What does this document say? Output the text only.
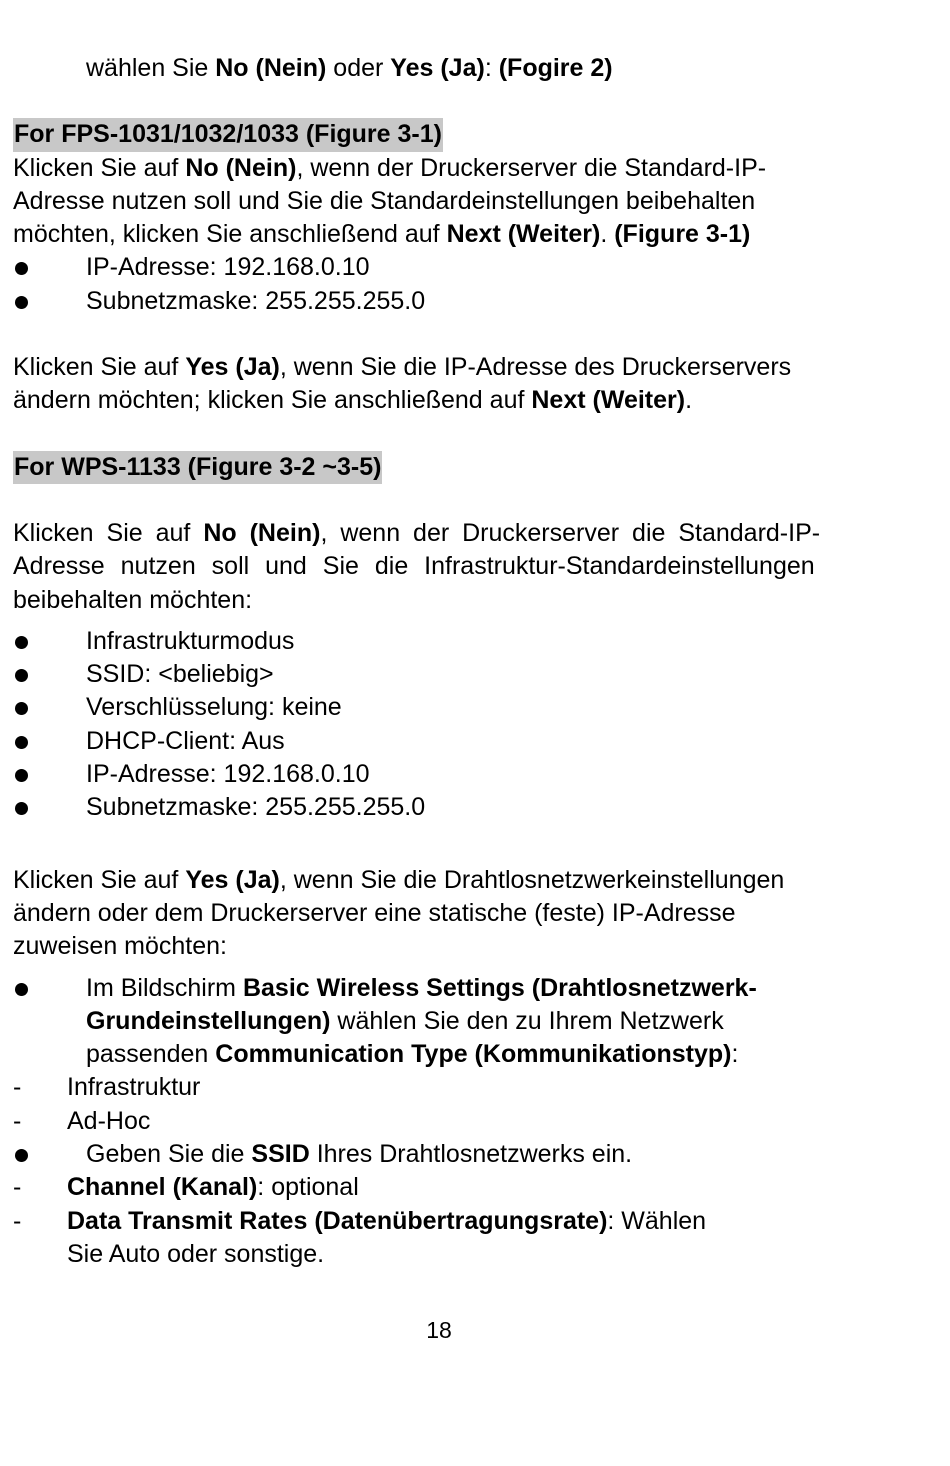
wählen Sie No (Nein) oder Yes (Ja): (Fogire 2)
For FPS-1031/1032/1033 (Figure 3-1)
Klicken Sie auf No (Nein), wenn der Druckerserver die Standard-IP-
Adresse nutzen soll und Sie die Standardeinstellungen beibehalten
möchten, klicken Sie anschließend auf Next (Weiter). (Figure 3-1)
IP-Adresse: 192.168.0.10
Subnetzmaske: 255.255.255.0
Klicken Sie auf Yes (Ja), wenn Sie die IP-Adresse des Druckerservers
ändern möchten; klicken Sie anschließend auf Next (Weiter).
For WPS-1133 (Figure 3-2 ~3-5)
Klicken Sie auf No (Nein), wenn der Druckerserver die Standard-IP-
Adresse nutzen soll und Sie die Infrastruktur-Standardeinstellungen
beibehalten möchten:
Infrastrukturmodus
SSID: <beliebig>
Verschlüsselung: keine
DHCP-Client: Aus
IP-Adresse: 192.168.0.10
Subnetzmaske: 255.255.255.0
Klicken Sie auf Yes (Ja), wenn Sie die Drahtlosnetzwerkeinstellungen
ändern oder dem Druckerserver eine statische (feste) IP-Adresse
zuweisen möchten:
Im Bildschirm Basic Wireless Settings (Drahtlosnetzwerk-
Grundeinstellungen) wählen Sie den zu Ihrem Netzwerk
passenden Communication Type (Kommunikationstyp):
- Infrastruktur
- Ad-Hoc
Geben Sie die SSID Ihres Drahtlosnetzwerks ein.
- Channel (Kanal): optional
- Data Transmit Rates (Datenübertragungsrate): Wählen
Sie Auto oder sonstige.
18
